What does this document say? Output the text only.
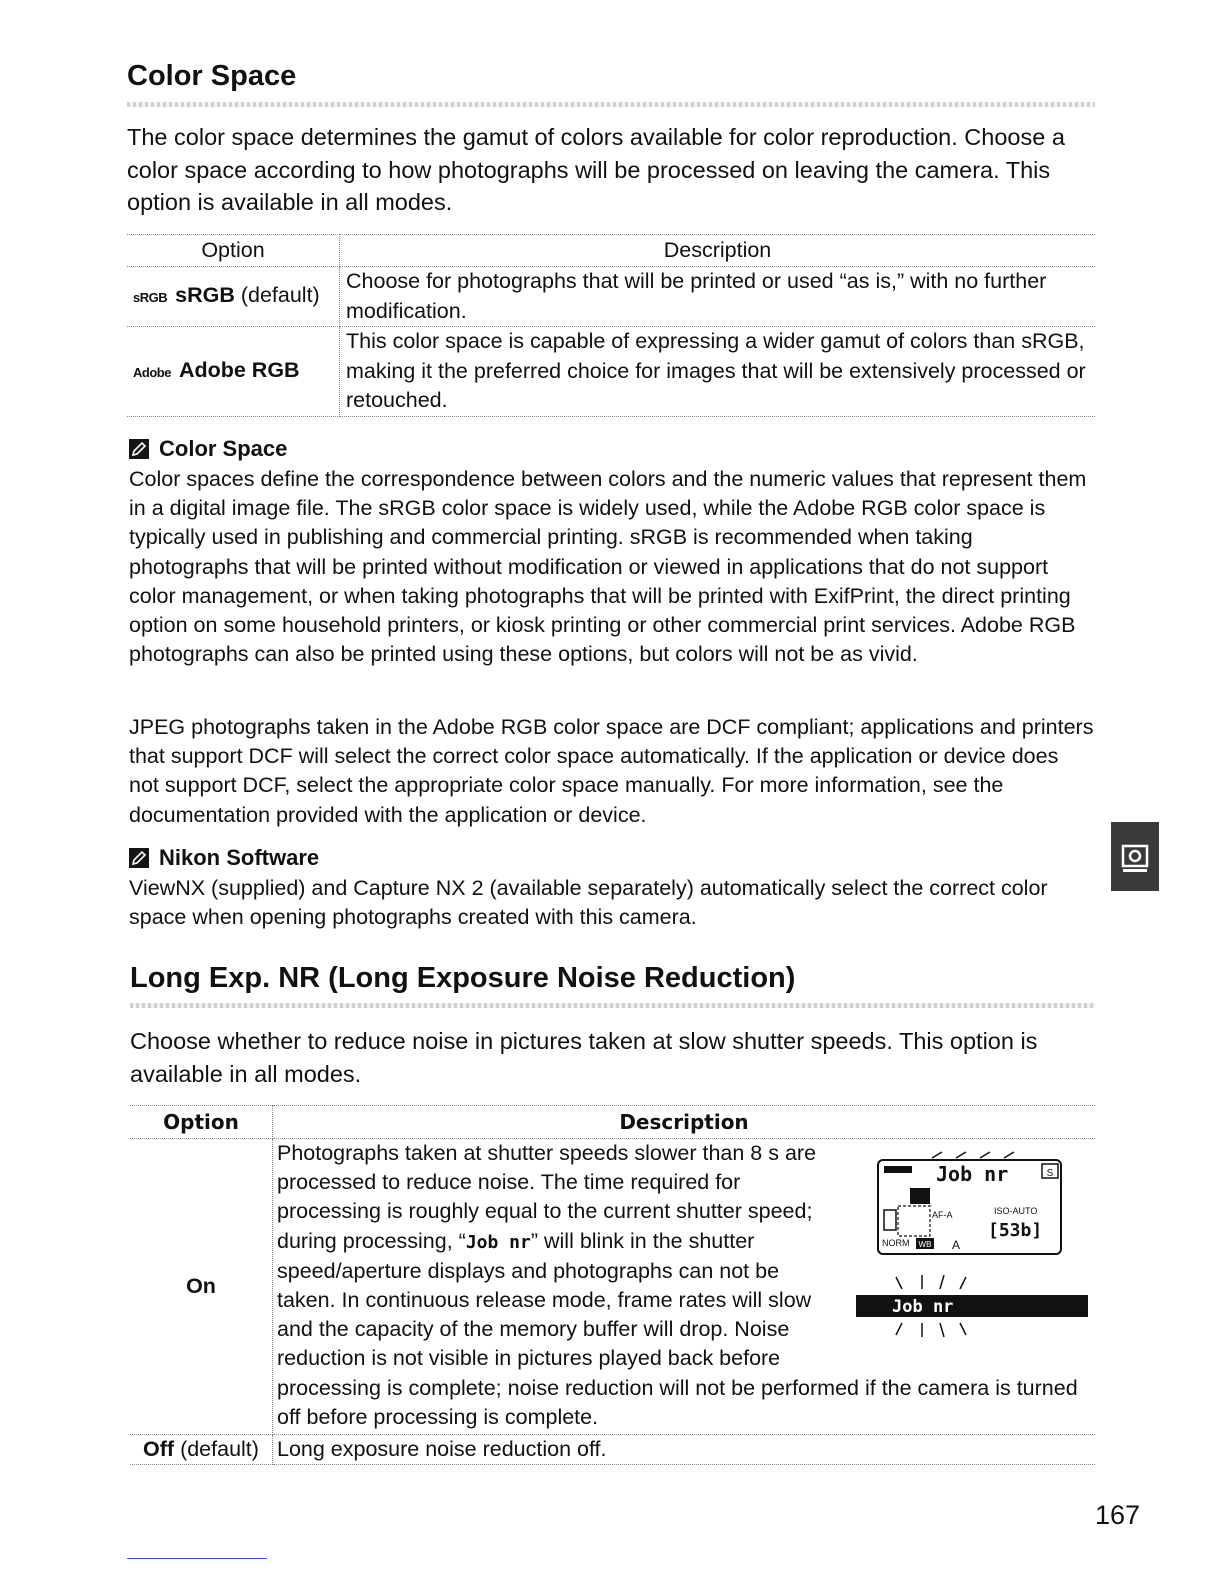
Color Space

The color space determines the gamut of colors available for color reproduction. Choose a color space according to how photographs will be processed on leaving the camera. This option is available in all modes.

Option	Description
sRGB sRGB (default)	Choose for photographs that will be printed or used “as is,” with no further modification.
Adobe Adobe RGB	This color space is capable of expressing a wider gamut of colors than sRGB, making it the preferred choice for images that will be extensively processed or retouched.
Color Space

Color spaces define the correspondence between colors and the numeric values that represent them in a digital image file. The sRGB color space is widely used, while the Adobe RGB color space is typically used in publishing and commercial printing. sRGB is recommended when taking photographs that will be printed without modification or viewed in applications that do not support color management, or when taking photographs that will be printed with ExifPrint, the direct printing option on some household printers, or kiosk printing or other commercial print services. Adobe RGB photographs can also be printed using these options, but colors will not be as vivid.

JPEG photographs taken in the Adobe RGB color space are DCF compliant; applications and printers that support DCF will select the correct color space automatically. If the application or device does not support DCF, select the appropriate color space manually. For more information, see the documentation provided with the application or device.

Nikon Software

ViewNX (supplied) and Capture NX 2 (available separately) automatically select the correct color space when opening photographs created with this camera.

Long Exp. NR (Long Exposure Noise Reduction)

Choose whether to reduce noise in pictures taken at slow shutter speeds. This option is available in all modes.

Option	Description
On	Photographs taken at shutter speeds slower than 8 s are processed to reduce noise. The time required for processing is roughly equal to the current shutter speed; during processing, “Job nr” will blink in the shutter speed/aperture displays and photographs can not be taken. In continuous release mode, frame rates will slow and the capacity of the memory buffer will drop. Noise reduction is not visible in pictures played back before processing is complete; noise reduction will not be performed if the camera is turned off before processing is complete.

Off (default)	Long exposure noise reduction off.
Job nr	S
AF-A	ISO-AUTO
[53b]
NORM WB A
Job nr
167
